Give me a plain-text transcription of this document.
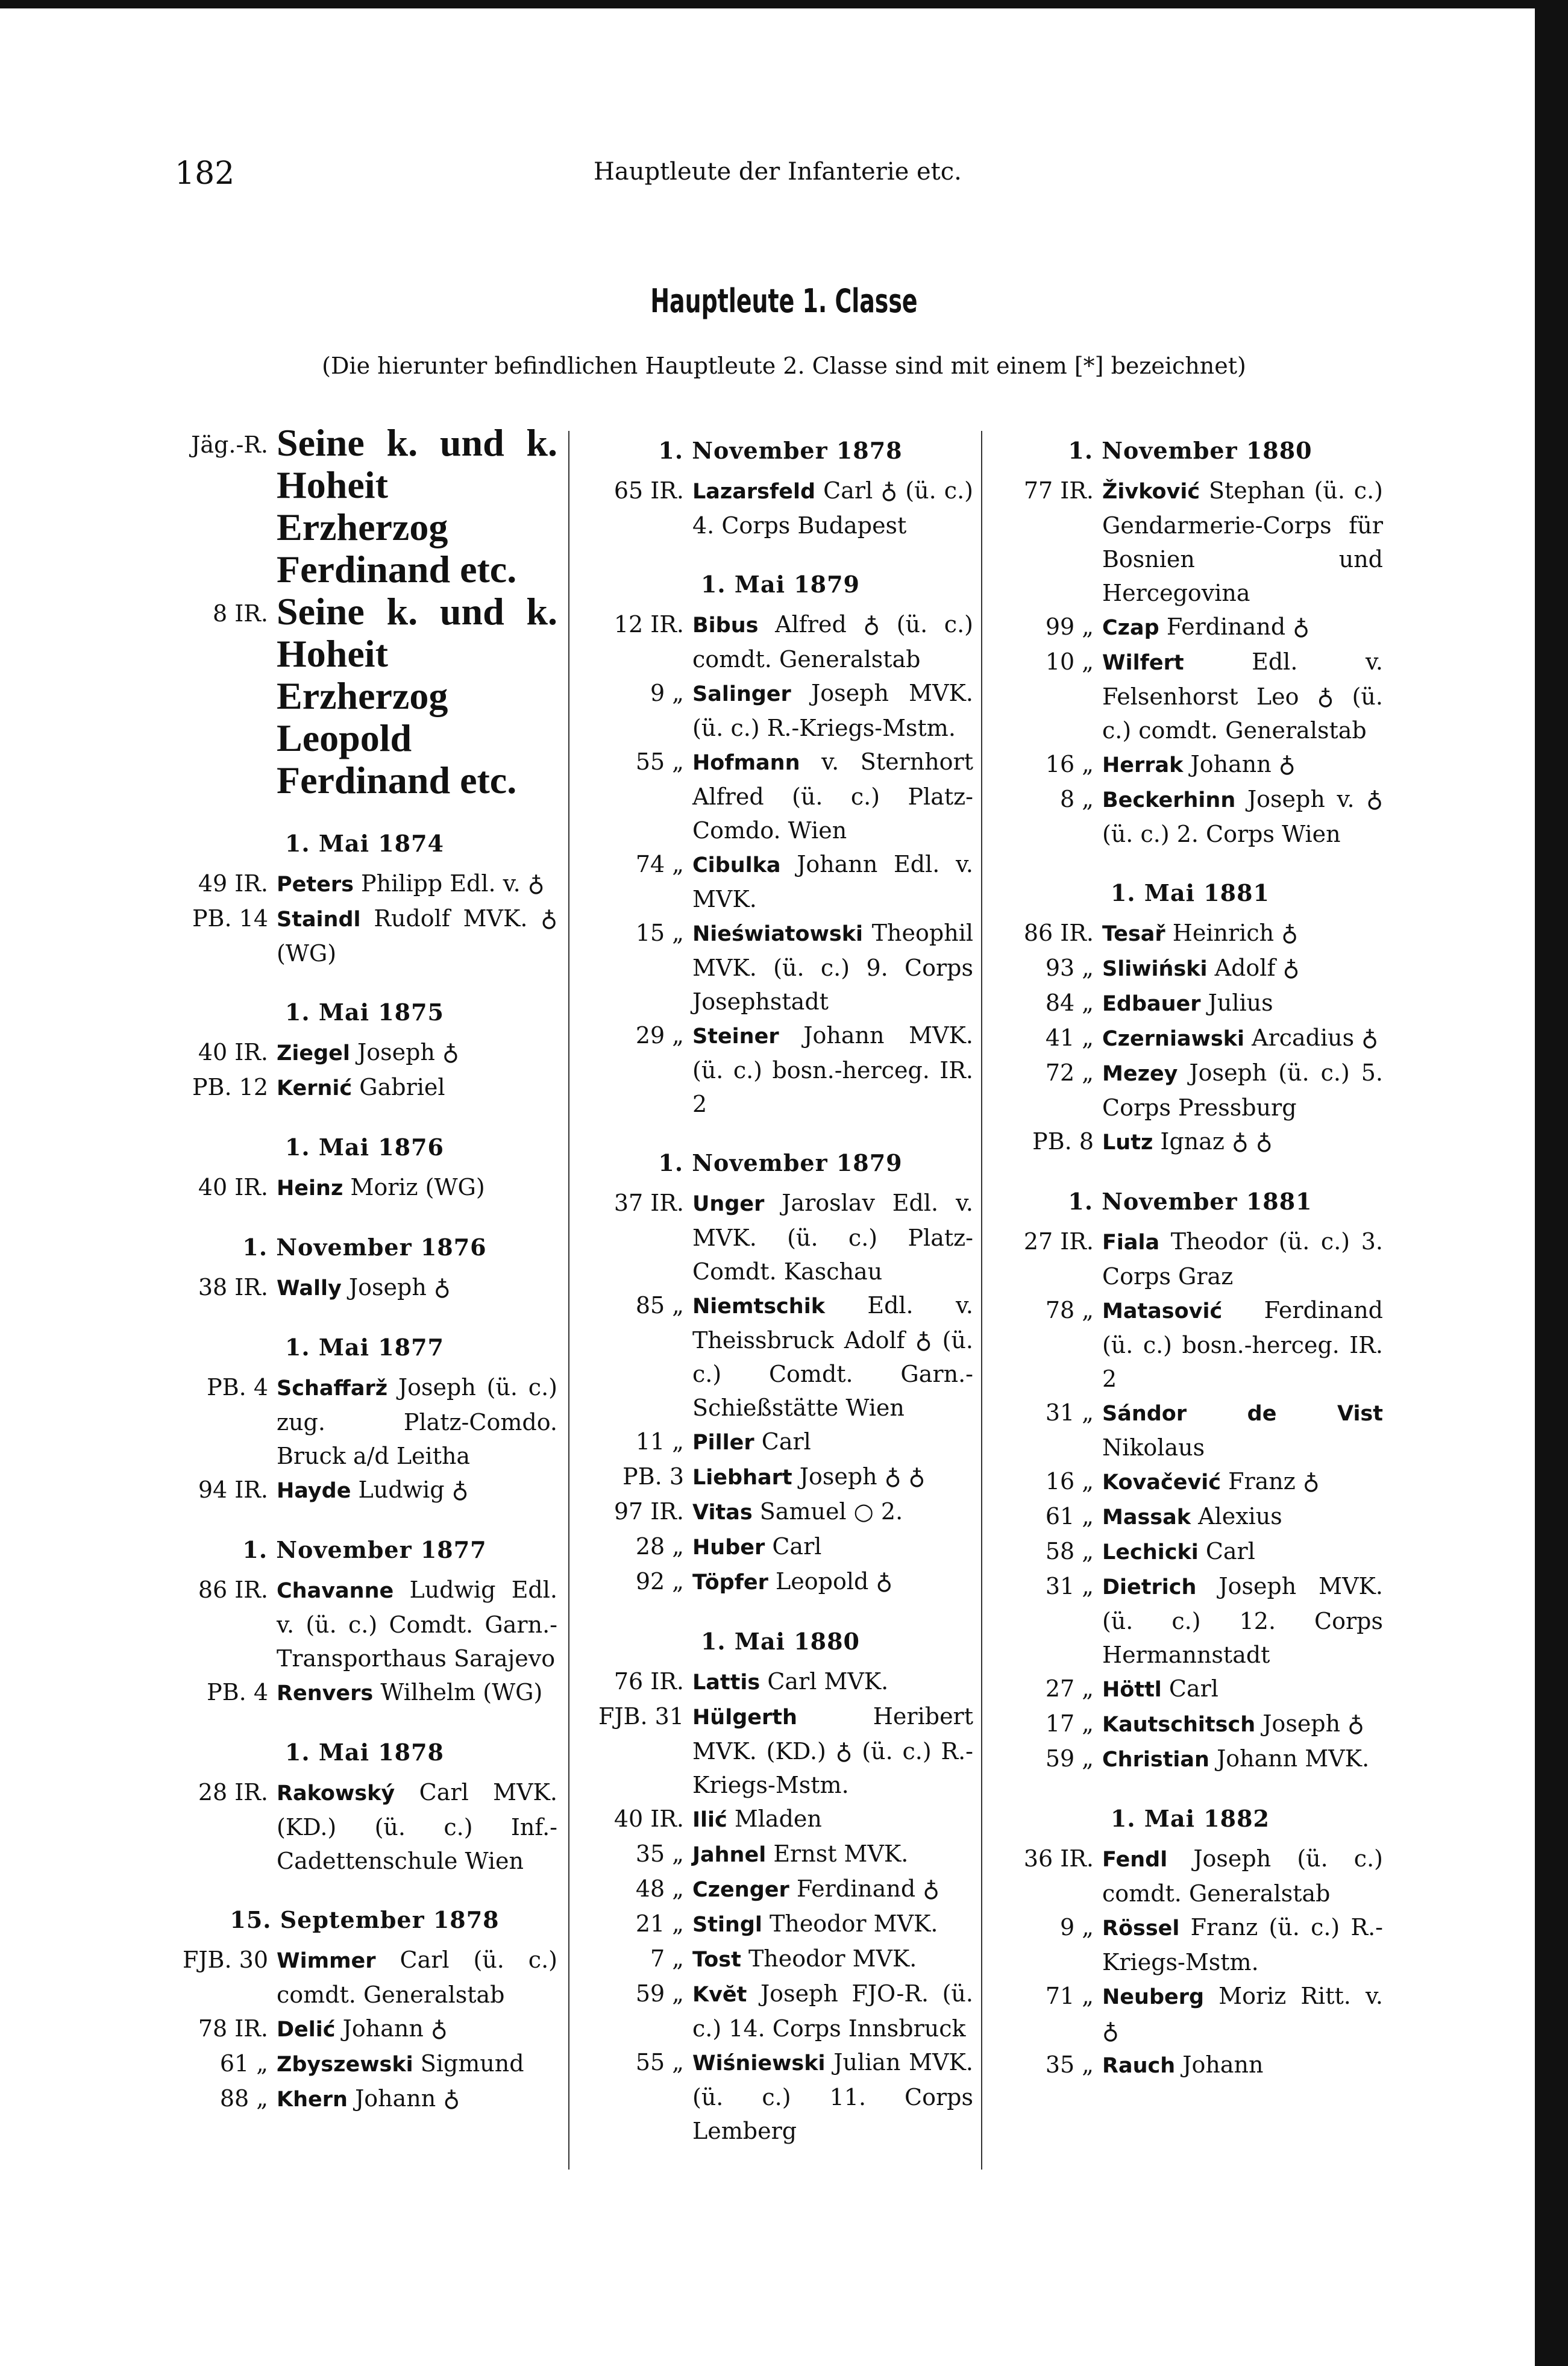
182	Hauptleute der Infanterie etc.
Hauptleute 1. Classe
(Die hierunter befindlichen Hauptleute 2. Classe sind mit einem [*] bezeichnet)
Jäg.-R. Seine k. und k. Hoheit Erzherzog Ferdinand etc.
8 IR. Seine k. und k. Hoheit Erzherzog Leopold Ferdinand etc.
1. Mai 1874
49 IR. Peters Philipp Edl. v. ♁
PB. 14 Staindl Rudolf MVK. ♁ (WG)
1. Mai 1875
40 IR. Ziegel Joseph ♁
PB. 12 Kernić Gabriel
1. Mai 1876
40 IR. Heinz Moriz (WG)
1. November 1876
38 IR. Wally Joseph ♁
1. Mai 1877
PB. 4 Schaffarž Joseph (ü. c.) zug. Platz-Comdo. Bruck a/d Leitha
94 IR. Hayde Ludwig ♁
1. November 1877
86 IR. Chavanne Ludwig Edl. v. (ü. c.) Comdt. Garn.-Transporthaus Sarajevo
PB. 4 Renvers Wilhelm (WG)
1. Mai 1878
28 IR. Rakowský Carl MVK. (KD.) (ü. c.) Inf.-Cadettenschule Wien
15. September 1878
FJB. 30 Wimmer Carl (ü. c.) comdt. Generalstab
78 IR. Delić Johann ♁
61 „ Zbyszewski Sigmund
88 „ Khern Johann ♁
1. November 1878
65 IR. Lazarsfeld Carl ♁ (ü. c.) 4. Corps Budapest
1. Mai 1879
12 IR. Bibus Alfred ♁ (ü. c.) comdt. Generalstab
9 „ Salinger Joseph MVK. (ü. c.) R.-Kriegs-Mstm.
55 „ Hofmann v. Sternhort Alfred (ü. c.) Platz-Comdo. Wien
74 „ Cibulka Johann Edl. v. MVK.
15 „ Nieświatowski Theophil MVK. (ü. c.) 9. Corps Josephstadt
29 „ Steiner Johann MVK. (ü. c.) bosn.-herceg. IR. 2
1. November 1879
37 IR. Unger Jaroslav Edl. v. MVK. (ü. c.) Platz-Comdt. Kaschau
85 „ Niemtschik Edl. v. Theissbruck Adolf ♁ (ü. c.) Comdt. Garn.-Schießstätte Wien
11 „ Piller Carl
PB. 3 Liebhart Joseph ♁ ♁
97 IR. Vitas Samuel ○ 2.
28 „ Huber Carl
92 „ Töpfer Leopold ♁
1. Mai 1880
76 IR. Lattis Carl MVK.
FJB. 31 Hülgerth	Heribert MVK. (KD.) ♁ (ü. c.) R.-Kriegs-Mstm.
40 IR. Ilić Mladen
35 „ Jahnel Ernst MVK.
48 „ Czenger Ferdinand ♁
21 „ Stingl Theodor MVK.
7 „ Tost Theodor MVK.
59 „ Kvĕt Joseph FJO-R. (ü. c.) 14. Corps Innsbruck
55 „ Wiśniewski Julian MVK. (ü. c.) 11. Corps Lemberg
1. November 1880
77 IR. Živković Stephan (ü. c.) Gendarmerie-Corps für Bosnien und Hercegovina
99 „ Czap Ferdinand ♁
10 „ Wilfert	Edl. v. Felsenhorst Leo ♁ (ü. c.) comdt. Generalstab
16 „ Herrak Johann ♁
8 „ Beckerhinn Joseph v. ♁ (ü. c.) 2. Corps Wien
1. Mai 1881
86 IR. Tesař Heinrich ♁
93 „ Sliwiński Adolf ♁
84 „ Edbauer Julius
41 „ Czerniawski Arcadius ♁
72 „ Mezey Joseph (ü. c.) 5. Corps Pressburg
PB. 8 Lutz Ignaz ♁ ♁
1. November 1881
27 IR. Fiala Theodor (ü. c.) 3. Corps Graz
78 „ Matasović Ferdinand (ü. c.) bosn.-herceg. IR. 2
31 „ Sándor de Vist Nikolaus
16 „ Kovačević Franz ♁
61 „ Massak Alexius
58 „ Lechicki Carl
31 „ Dietrich Joseph MVK. (ü. c.) 12. Corps Hermannstadt
27 „ Höttl Carl
17 „ Kautschitsch Joseph ♁
59 „ Christian Johann MVK.
1. Mai 1882
36 IR. Fendl Joseph (ü. c.) comdt. Generalstab
9 „ Rössel Franz (ü. c.) R.-Kriegs-Mstm.
71 „ Neuberg Moriz Ritt. v. ♁
35 „ Rauch Johann
